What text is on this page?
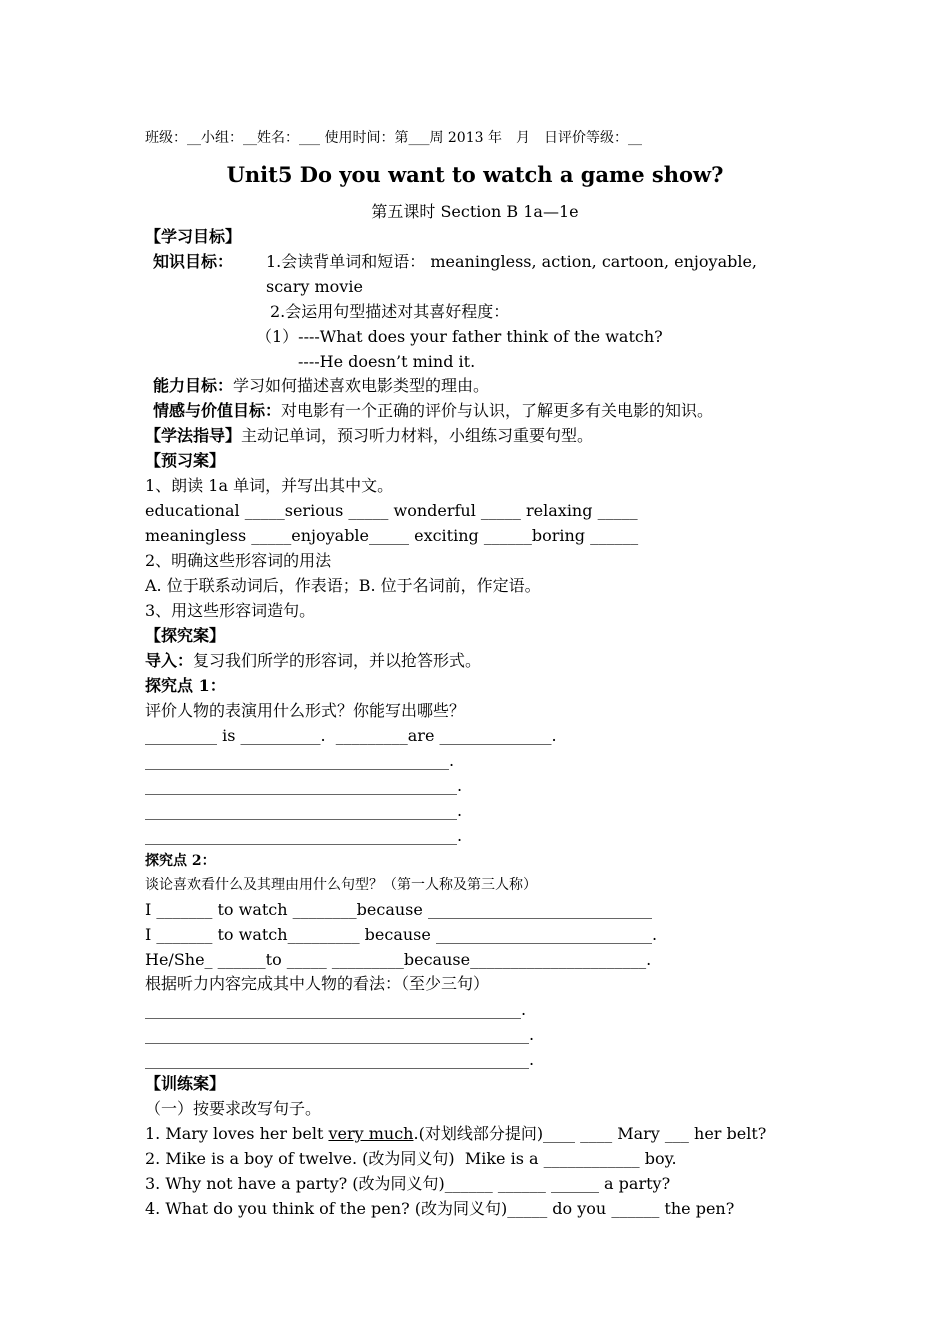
班级：__小组：__姓名：___ 使用时间：第___周 2013 年　月　日评价等级：__
Unit5 Do you want to watch a game show?
第五课时 Section B 1a—1e
【学习目标】
知识目标： 1.会读背单词和短语： meaningless, action, cartoon, enjoyable,
scary movie
2.会运用句型描述对其喜好程度：
（1）----What does your father think of the watch?
----He doesn’t mind it.
能力目标：学习如何描述喜欢电影类型的理由。
情感与价值目标：对电影有一个正确的评价与认识，了解更多有关电影的知识。
【学法指导】主动记单词，预习听力材料，小组练习重要句型。
【预习案】
1、朗读 1a 单词，并写出其中文。
educational _____serious _____ wonderful _____ relaxing _____
meaningless _____enjoyable_____ exciting ______boring ______
2、明确这些形容词的用法
A. 位于联系动词后，作表语；B. 位于名词前，作定语。
3、用这些形容词造句。
【探究案】
导入：复习我们所学的形容词，并以抢答形式。
探究点 1：
评价人物的表演用什么形式？你能写出哪些？
_________ is __________.  _________are ______________.
______________________________________.
_______________________________________.
_______________________________________.
_______________________________________.
探究点 2：
谈论喜欢看什么及其理由用什么句型？（第一人称及第三人称）
I _______ to watch ________because ____________________________
I _______ to watch_________ because ___________________________.
He/She_ ______to _____ _________because______________________.
根据听力内容完成其中人物的看法：（至少三句）
_______________________________________________.
________________________________________________.
________________________________________________.
【训练案】
（一）按要求改写句子。
1. Mary loves her belt very much.(对划线部分提问)____ ____ Mary ___ her belt?
2. Mike is a boy of twelve. (改为同义句)  Mike is a ____________ boy.
3. Why not have a party? (改为同义句)______ ______ ______ a party?
4. What do you think of the pen? (改为同义句)_____ do you ______ the pen?
